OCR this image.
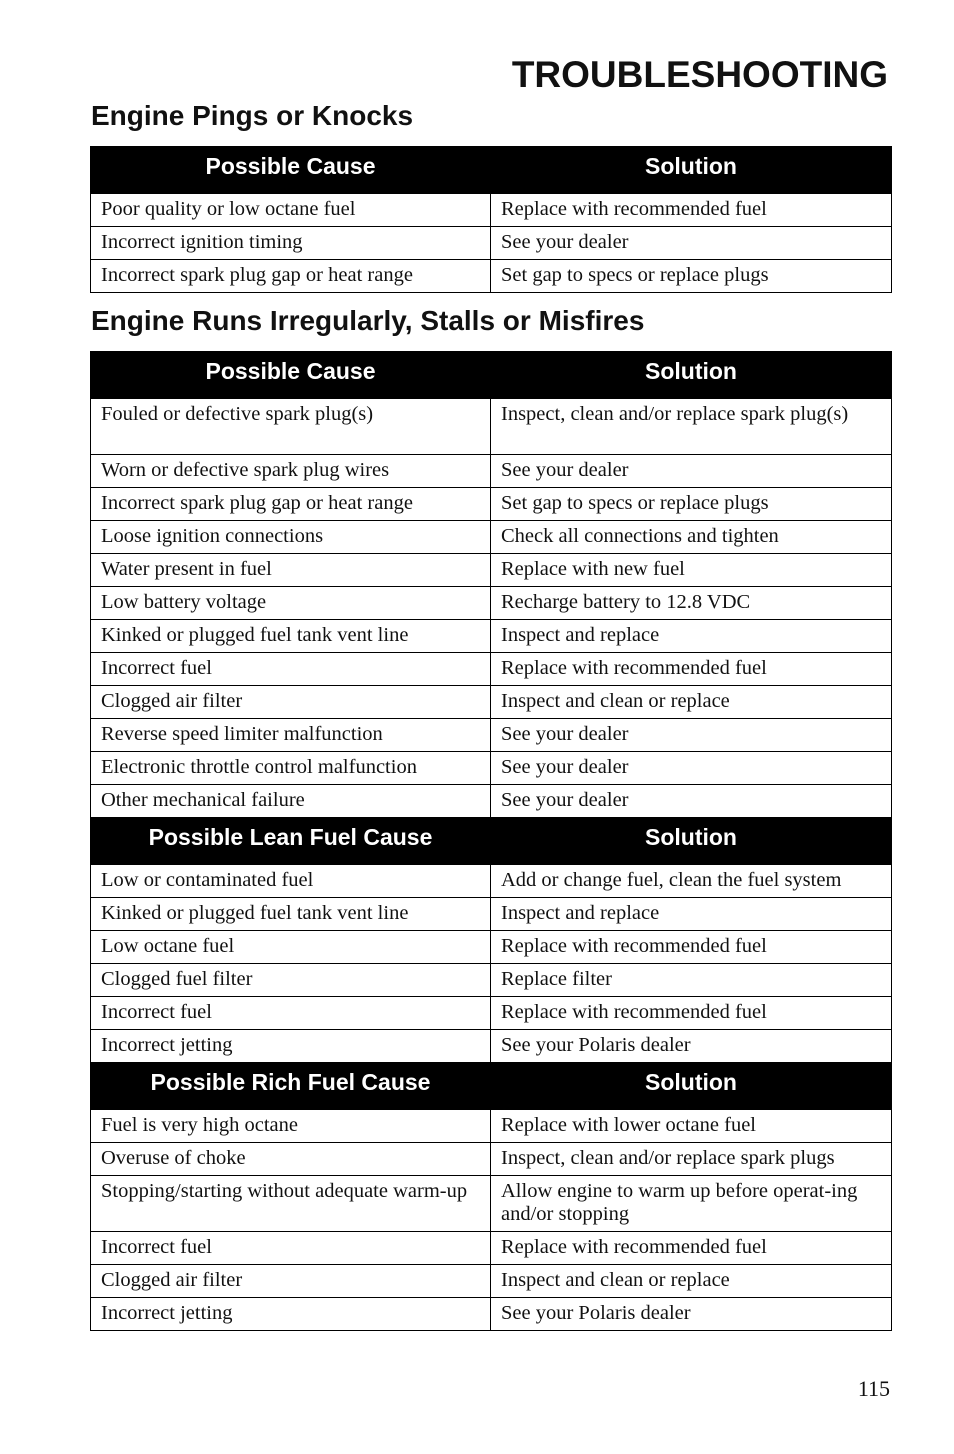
TROUBLESHOOTING
Engine Pings or Knocks
Possible Cause	Solution
Poor quality or low octane fuel	Replace with recommended fuel
Incorrect ignition timing	See your dealer
Incorrect spark plug gap or heat range	Set gap to specs or replace plugs
Engine Runs Irregularly, Stalls or Misfires
Possible Cause	Solution
Fouled or defective spark plug(s)	Inspect, clean and/or replace spark plug(s)
Worn or defective spark plug wires	See your dealer
Incorrect spark plug gap or heat range	Set gap to specs or replace plugs
Loose ignition connections	Check all connections and tighten
Water present in fuel	Replace with new fuel
Low battery voltage	Recharge battery to 12.8 VDC
Kinked or plugged fuel tank vent line	Inspect and replace
Incorrect fuel	Replace with recommended fuel
Clogged air filter	Inspect and clean or replace
Reverse speed limiter malfunction	See your dealer
Electronic throttle control malfunction	See your dealer
Other mechanical failure	See your dealer
Possible Lean Fuel Cause	Solution
Low or contaminated fuel	Add or change fuel, clean the fuel system
Kinked or plugged fuel tank vent line	Inspect and replace
Low octane fuel	Replace with recommended fuel
Clogged fuel filter	Replace filter
Incorrect fuel	Replace with recommended fuel
Incorrect jetting	See your Polaris dealer
Possible Rich Fuel Cause	Solution
Fuel is very high octane	Replace with lower octane fuel
Overuse of choke	Inspect, clean and/or replace spark plugs
Stopping/starting without adequate warm-up	Allow engine to warm up before operat-ing and/or stopping
Incorrect fuel	Replace with recommended fuel
Clogged air filter	Inspect and clean or replace
Incorrect jetting	See your Polaris dealer

115
